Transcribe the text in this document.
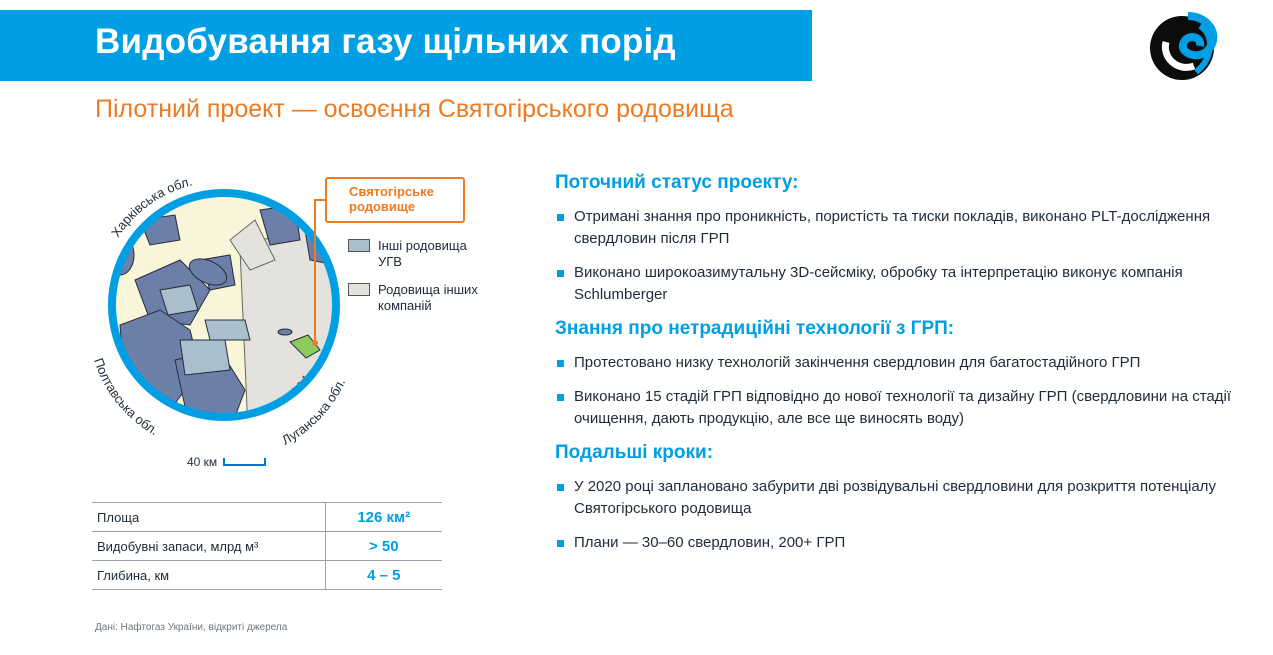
Видобування газу щільних порід
Пілотний проект — освоєння Святогірського родовища
Харківська обл.
Полтавська обл.	Луганська обл.
Святогірське родовище
Інші родовища УГВ
Родовища інших компаній
40 км
Площа	126 км²
Видобувні запаси, млрд м³	> 50
Глибина, км	4 – 5
Дані: Нафтогаз України, відкриті джерела
Поточний статус проекту:
Отримані знання про проникність, пористість та тиски покладів, виконано PLT-дослідження свердловин після ГРП
Виконано широкоазимутальну 3D-сейсміку, обробку та інтерпретацію виконує компанія Schlumberger
Знання про нетрадиційні технології з ГРП:
Протестовано низку технологій закінчення свердловин для багатостадійного ГРП
Виконано 15 стадій ГРП відповідно до нової технології та дизайну ГРП (свердловини на стадії очищення, дають продукцію, але все ще виносять воду)
Подальші кроки:
У 2020 році заплановано забурити дві розвідувальні свердловини для розкриття потенціалу Святогірського родовища
Плани — 30–60 свердловин, 200+ ГРП
